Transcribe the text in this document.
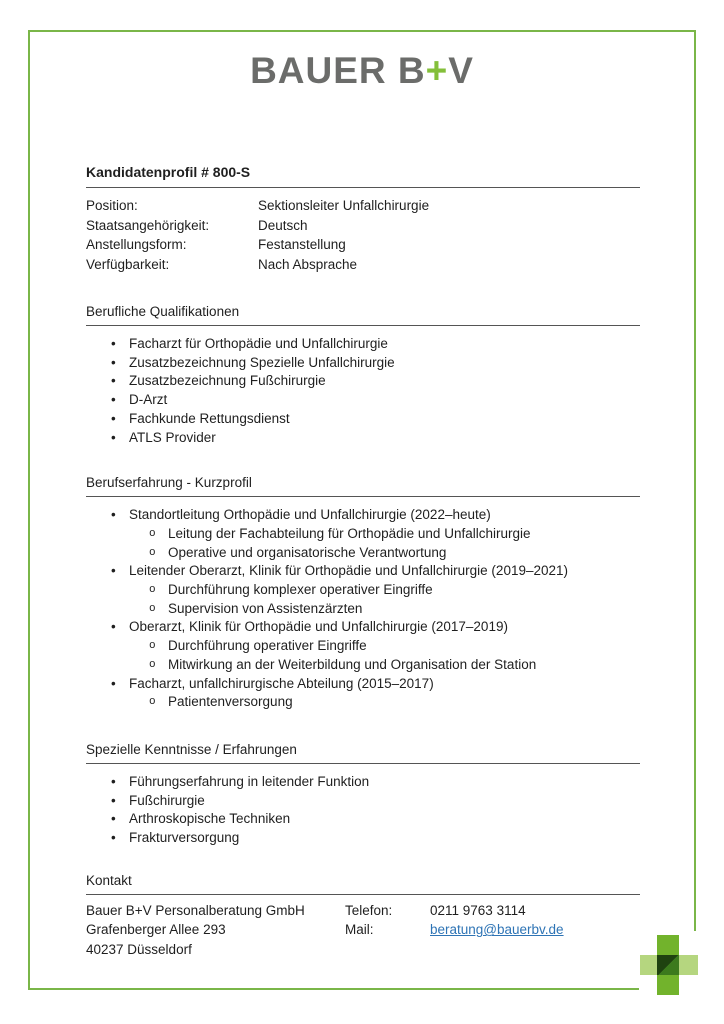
BAUER B+V
Kandidatenprofil # 800-S
Position:	Sektionsleiter Unfallchirurgie
Staatsangehörigkeit:	Deutsch
Anstellungsform:	Festanstellung
Verfügbarkeit:	Nach Absprache
Berufliche Qualifikationen
• Facharzt für Orthopädie und Unfallchirurgie
• Zusatzbezeichnung Spezielle Unfallchirurgie
• Zusatzbezeichnung Fußchirurgie
• D-Arzt
• Fachkunde Rettungsdienst
• ATLS Provider
Berufserfahrung - Kurzprofil
• Standortleitung Orthopädie und Unfallchirurgie (2022–heute)
o Leitung der Fachabteilung für Orthopädie und Unfallchirurgie
o Operative und organisatorische Verantwortung
• Leitender Oberarzt, Klinik für Orthopädie und Unfallchirurgie (2019–2021)
o Durchführung komplexer operativer Eingriffe
o Supervision von Assistenzärzten
• Oberarzt, Klinik für Orthopädie und Unfallchirurgie (2017–2019)
o Durchführung operativer Eingriffe
o Mitwirkung an der Weiterbildung und Organisation der Station
• Facharzt, unfallchirurgische Abteilung (2015–2017)
o Patientenversorgung
Spezielle Kenntnisse / Erfahrungen
• Führungserfahrung in leitender Funktion
• Fußchirurgie
• Arthroskopische Techniken
• Frakturversorgung
Kontakt
Bauer B+V Personalberatung GmbH
Grafenberger Allee 293
40237 Düsseldorf
Telefon:	0211 9763 3114
Mail:	beratung@bauerbv.de
